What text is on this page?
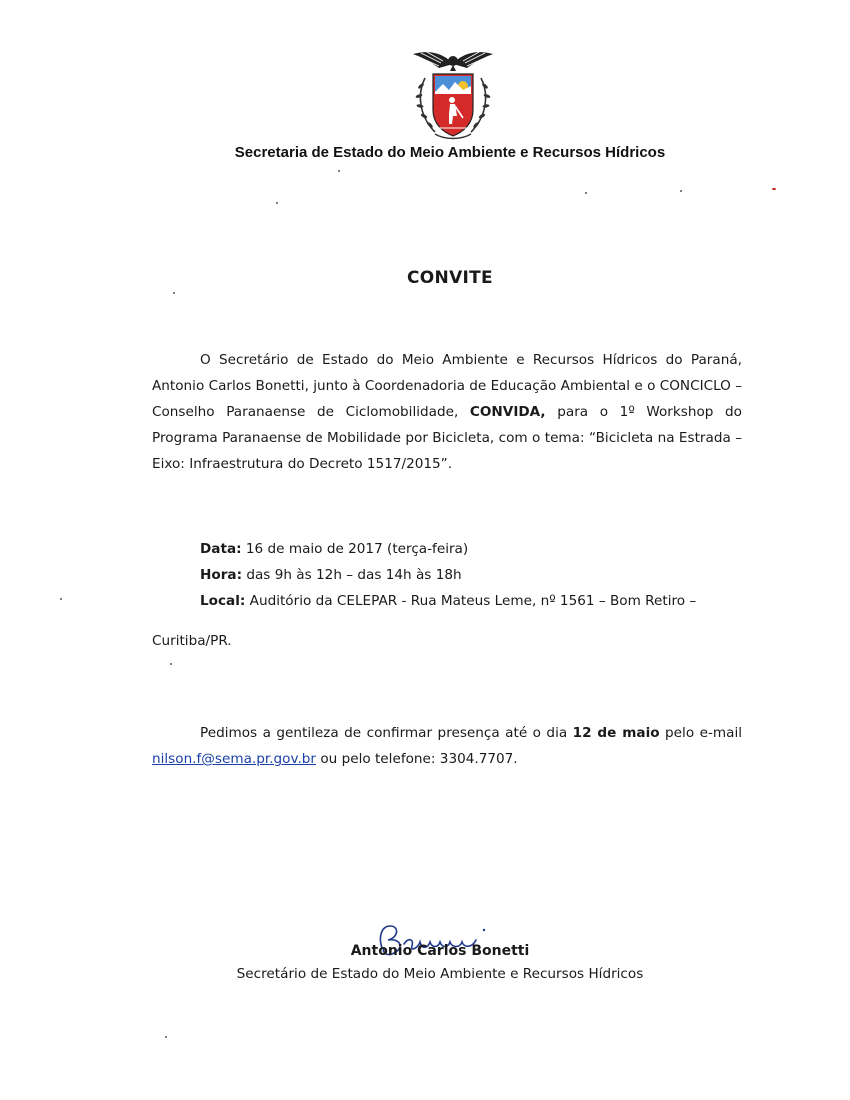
Secretaria de Estado do Meio Ambiente e Recursos Hídricos
CONVITE

O Secretário de Estado do Meio Ambiente e Recursos Hídricos do Paraná, Antonio Carlos Bonetti, junto à Coordenadoria de Educação Ambiental e o CONCICLO – Conselho Paranaense de Ciclomobilidade, CONVIDA, para o 1º Workshop do Programa Paranaense de Mobilidade por Bicicleta, com o tema: “Bicicleta na Estrada – Eixo: Infraestrutura do Decreto 1517/2015”.

Data: 16 de maio de 2017 (terça-feira)

Hora: das 9h às 12h – das 14h às 18h

Local: Auditório da CELEPAR - Rua Mateus Leme, nº 1561 – Bom Retiro –

Curitiba/PR.

Pedimos a gentileza de confirmar presença até o dia 12 de maio pelo e-mail nilson.f@sema.pr.gov.br ou pelo telefone: 3304.7707.

Antonio Carlos Bonetti
Secretário de Estado do Meio Ambiente e Recursos Hídricos
